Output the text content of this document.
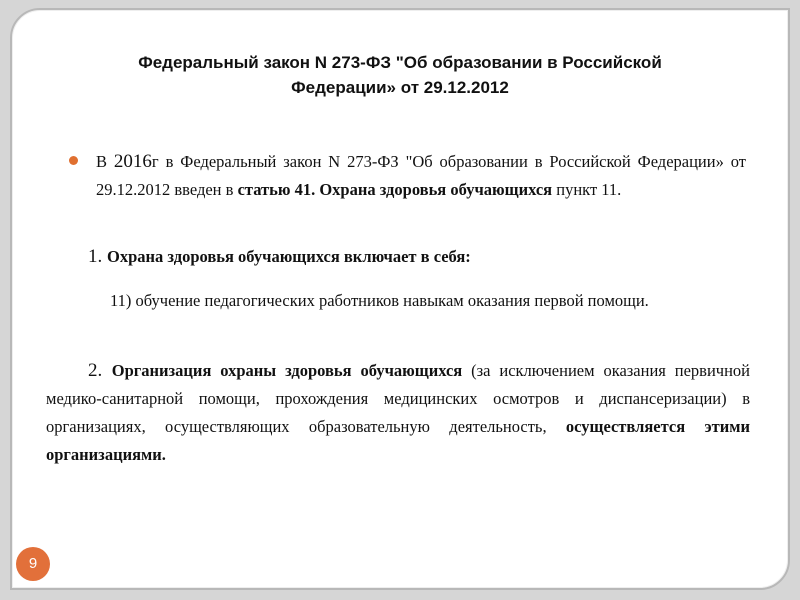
Федеральный закон N 273-ФЗ "Об образовании в Российской
Федерации» от 29.12.2012
В 2016г в Федеральный закон N 273-ФЗ "Об образовании в Российской Федерации» от 29.12.2012 введен в статью 41. Охрана здоровья обучающихся пункт 11.
1. Охрана здоровья обучающихся включает в себя:
11) обучение педагогических работников навыкам оказания первой помощи.
2. Организация охраны здоровья обучающихся (за исключением оказания первичной медико-санитарной помощи, прохождения медицинских осмотров и диспансеризации) в организациях, осуществляющих образовательную деятельность, осуществляется этими организациями.
9
